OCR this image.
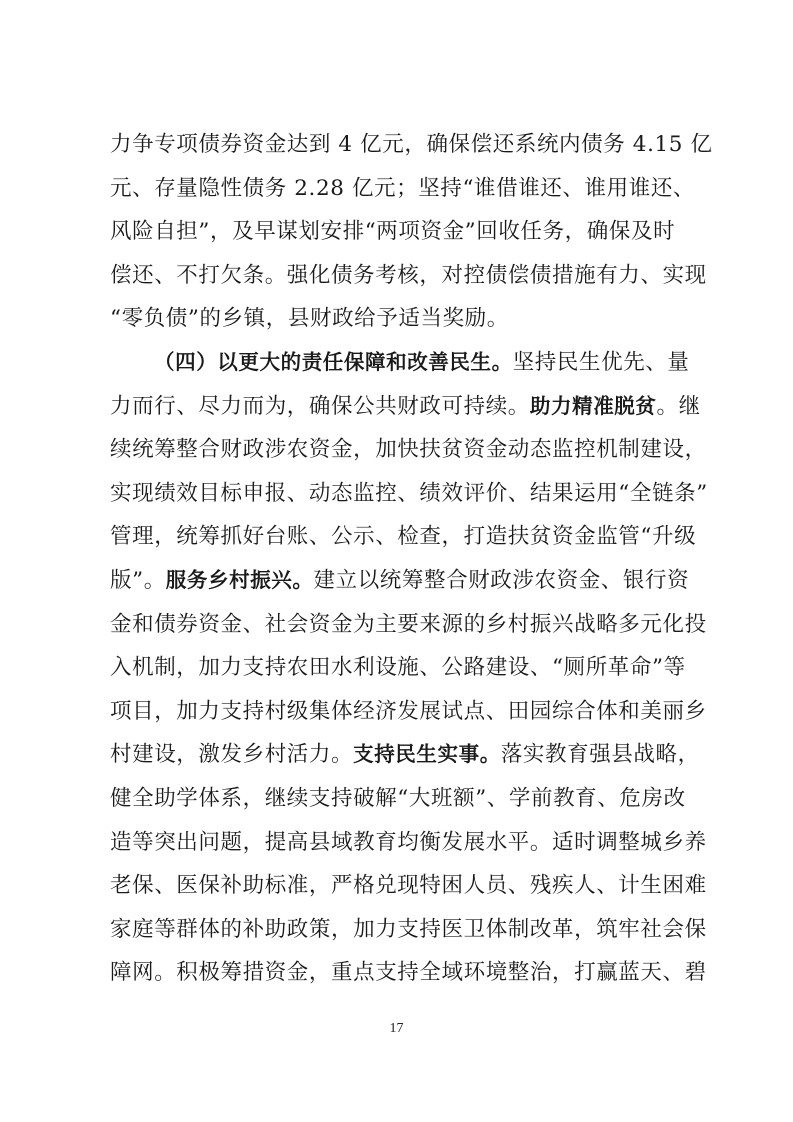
力争专项债券资金达到 4 亿元，确保偿还系统内债务 4.15 亿
元、存量隐性债务 2.28 亿元；坚持“谁借谁还、谁用谁还、
风险自担”，及早谋划安排“两项资金”回收任务，确保及时
偿还、不打欠条。强化债务考核，对控债偿债措施有力、实现
“零负债”的乡镇，县财政给予适当奖励。
（四）以更大的责任保障和改善民生。坚持民生优先、量
力而行、尽力而为，确保公共财政可持续。助力精准脱贫。继
续统筹整合财政涉农资金，加快扶贫资金动态监控机制建设，
实现绩效目标申报、动态监控、绩效评价、结果运用“全链条”
管理，统筹抓好台账、公示、检查，打造扶贫资金监管“升级
版”。服务乡村振兴。建立以统筹整合财政涉农资金、银行资
金和债券资金、社会资金为主要来源的乡村振兴战略多元化投
入机制，加力支持农田水利设施、公路建设、“厕所革命”等
项目，加力支持村级集体经济发展试点、田园综合体和美丽乡
村建设，激发乡村活力。支持民生实事。落实教育强县战略，
健全助学体系，继续支持破解“大班额”、学前教育、危房改
造等突出问题，提高县域教育均衡发展水平。适时调整城乡养
老保、医保补助标准，严格兑现特困人员、残疾人、计生困难
家庭等群体的补助政策，加力支持医卫体制改革，筑牢社会保
障网。积极筹措资金，重点支持全域环境整治，打赢蓝天、碧
17
